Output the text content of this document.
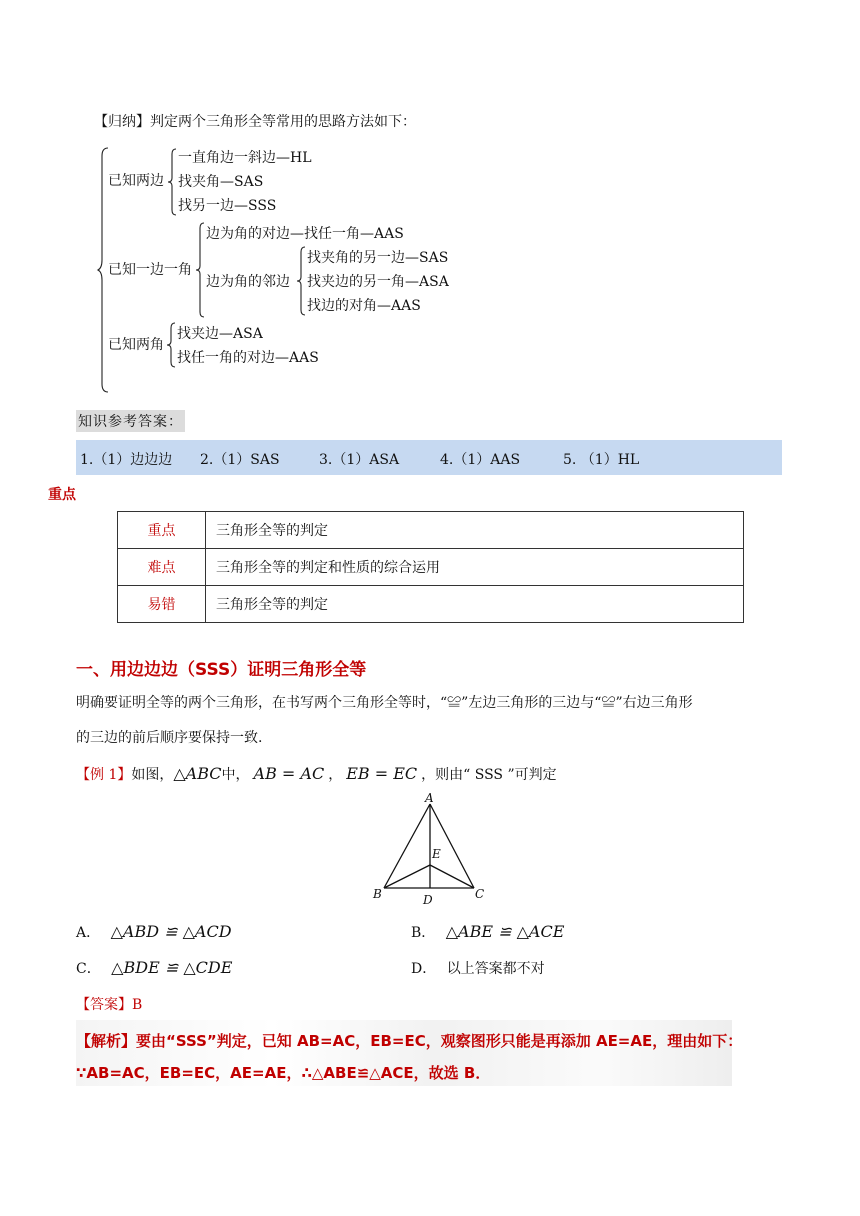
【归纳】判定两个三角形全等常用的思路方法如下：
已知两边
一直角边一斜边—HL
找夹角—SAS
找另一边—SSS
已知一边一角
边为角的对边—找任一角—AAS
边为角的邻边
找夹角的另一边—SAS
找夹边的另一角—ASA
找边的对角—AAS
已知两角
找夹边—ASA
找任一角的对边—AAS
知识参考答案：
1.（1）边边边 2.（1）SAS	3.（1）ASA	4.（1）AAS	5. （1）HL
重点
重点	三角形全等的判定
难点	三角形全等的判定和性质的综合运用
易错	三角形全等的判定
一、用边边边（SSS）证明三角形全等
明确要证明全等的两个三角形，在书写两个三角形全等时，“≌”左边三角形的三边与“≌”右边三角形
的三边的前后顺序要保持一致.
【例 1】如图，△ABC中， AB = AC ， EB = EC ，则由“ SSS ”可判定
A
B	C
D
E
A． △ABD ≌ △ACD	B． △ABE ≌ △ACE
C． △BDE ≌ △CDE	D． 以上答案都不对
【答案】B
【解析】要由“SSS”判定，已知 AB=AC，EB=EC，观察图形只能是再添加 AE=AE，理由如下：
∵AB=AC，EB=EC，AE=AE，∴△ABE≌△ACE，故选 B．
